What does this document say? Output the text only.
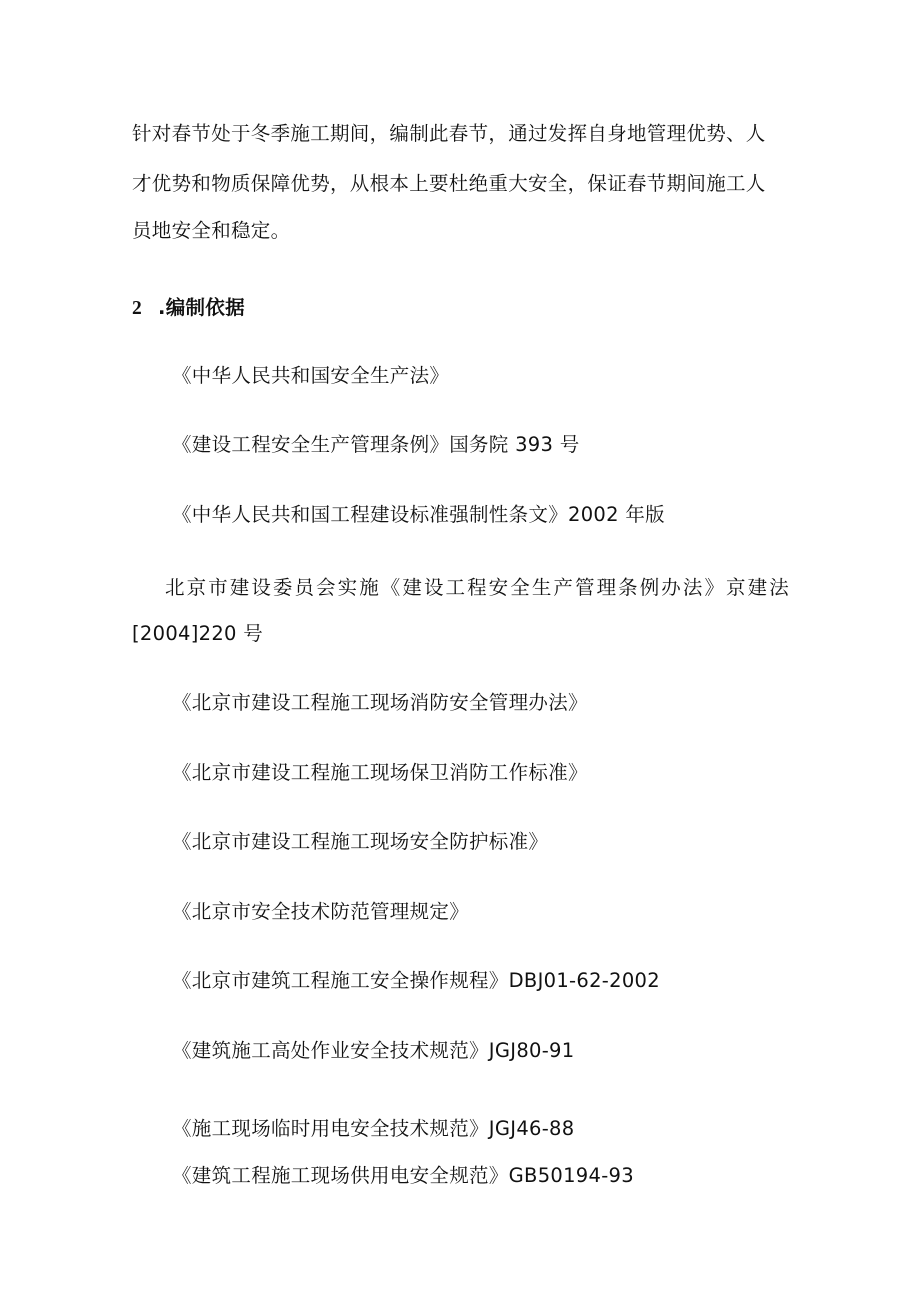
针对春节处于冬季施工期间，编制此春节，通过发挥自身地管理优势、人
才优势和物质保障优势，从根本上要杜绝重大安全，保证春节期间施工人
员地安全和稳定。
2 .编制依据
《中华人民共和国安全生产法》
《建设工程安全生产管理条例》国务院 393 号
《中华人民共和国工程建设标准强制性条文》2002 年版
北京市建设委员会实施《建设工程安全生产管理条例办法》京建法
[2004]220 号
《北京市建设工程施工现场消防安全管理办法》
《北京市建设工程施工现场保卫消防工作标准》
《北京市建设工程施工现场安全防护标准》
《北京市安全技术防范管理规定》
《北京市建筑工程施工安全操作规程》DBJ01-62-2002
《建筑施工高处作业安全技术规范》JGJ80-91
《施工现场临时用电安全技术规范》JGJ46-88
《建筑工程施工现场供用电安全规范》GB50194-93
